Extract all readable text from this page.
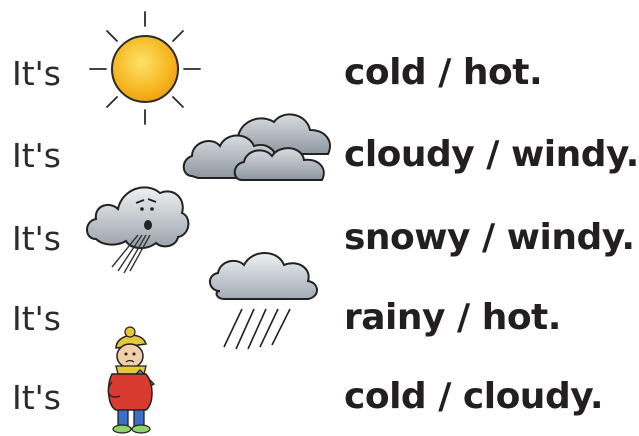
It's	cold / hot.
It's	cloudy / windy.
It's	snowy / windy.
It's	rainy / hot.
It's	cold / cloudy.
